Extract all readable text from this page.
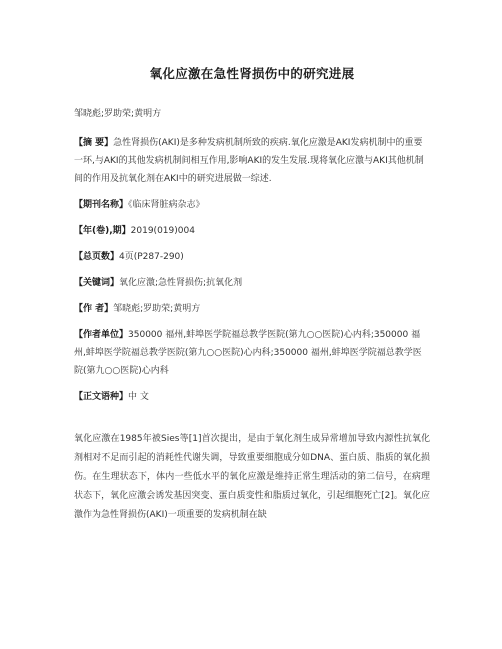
氧化应激在急性肾损伤中的研究进展
邹晓彪;罗助荣;黄明方
【摘 要】急性肾损伤(AKI)是多种发病机制所致的疾病.氧化应激是AKI发病机制中的重要一环,与AKI的其他发病机制间相互作用,影响AKI的发生发展.现将氧化应激与AKI其他机制间的作用及抗氧化剂在AKI中的研究进展做一综述.
【期刊名称】《临床肾脏病杂志》
【年(卷),期】2019(019)004
【总页数】4页(P287-290)
【关键词】氧化应激;急性肾损伤;抗氧化剂
【作 者】邹晓彪;罗助荣;黄明方
【作者单位】350000 福州,蚌埠医学院福总教学医院(第九○○医院)心内科;350000 福州,蚌埠医学院福总教学医院(第九○○医院)心内科;350000 福州,蚌埠医学院福总教学医院(第九○○医院)心内科
【正文语种】中 文
氧化应激在1985年被Sies等[1]首次提出，是由于氧化剂生成异常增加导致内源性抗氧化剂相对不足而引起的消耗性代谢失调，导致重要细胞成分如DNA、蛋白质、脂质的氧化损伤。在生理状态下，体内一些低水平的氧化应激是维持正常生理活动的第二信号，在病理状态下，氧化应激会诱发基因突变、蛋白质变性和脂质过氧化，引起细胞死亡[2]。氧化应激作为急性肾损伤(AKI)一项重要的发病机制在缺
